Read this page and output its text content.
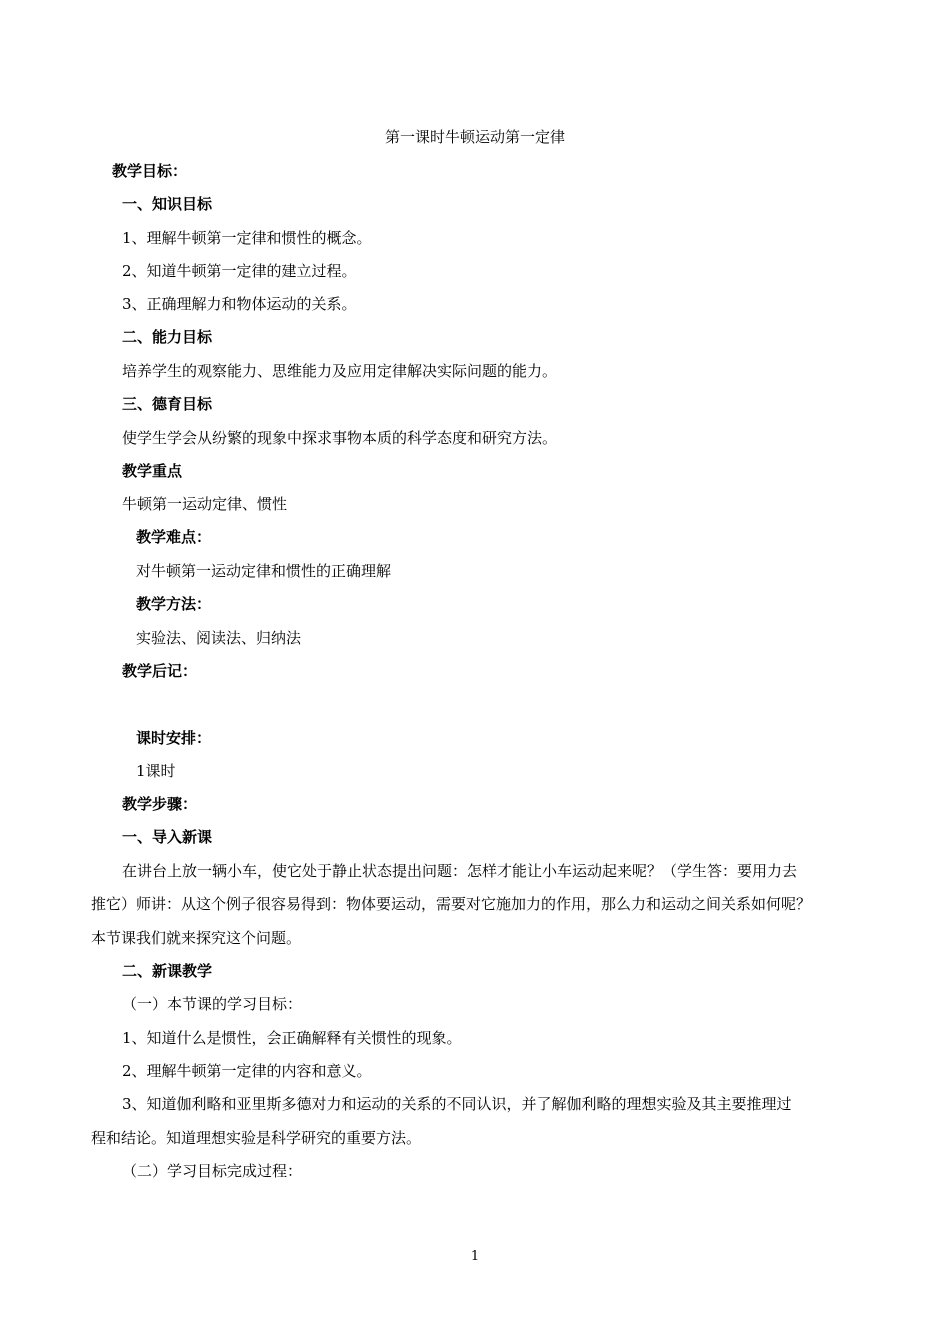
第一课时牛顿运动第一定律
教学目标：
一、知识目标
1、理解牛顿第一定律和惯性的概念。
2、知道牛顿第一定律的建立过程。
3、正确理解力和物体运动的关系。
二、能力目标
培养学生的观察能力、思维能力及应用定律解决实际问题的能力。
三、德育目标
使学生学会从纷繁的现象中探求事物本质的科学态度和研究方法。
教学重点
牛顿第一运动定律、惯性
教学难点：
对牛顿第一运动定律和惯性的正确理解
教学方法：
实验法、阅读法、归纳法
教学后记：
课时安排：
1课时
教学步骤：
一、导入新课
在讲台上放一辆小车，使它处于静止状态提出问题：怎样才能让小车运动起来呢？（学生答：要用力去
推它）师讲：从这个例子很容易得到：物体要运动，需要对它施加力的作用，那么力和运动之间关系如何呢？
本节课我们就来探究这个问题。
二、新课教学
（一）本节课的学习目标：
1、知道什么是惯性，会正确解释有关惯性的现象。
2、理解牛顿第一定律的内容和意义。
3、知道伽利略和亚里斯多德对力和运动的关系的不同认识，并了解伽利略的理想实验及其主要推理过
程和结论。知道理想实验是科学研究的重要方法。
（二）学习目标完成过程：
1
